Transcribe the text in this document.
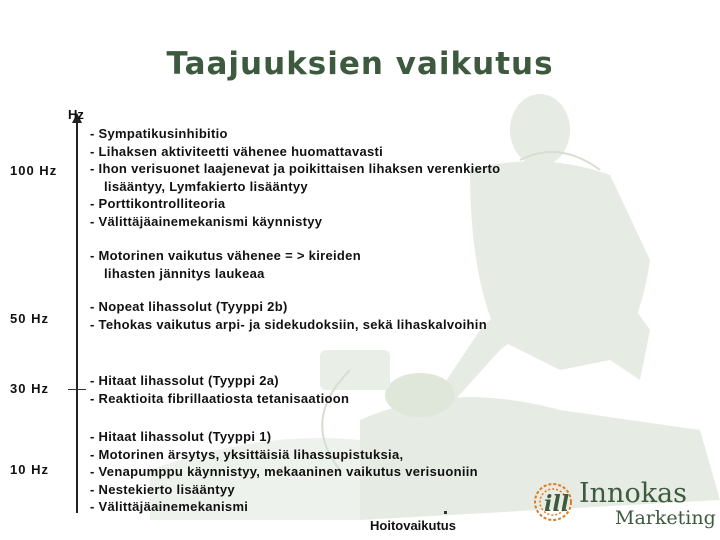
Taajuuksien vaikutus
Hz
100 Hz
50 Hz
30 Hz
10 Hz
- Sympatikusinhibitio
- Lihaksen aktiviteetti vähenee huomattavasti
- Ihon verisuonet laajenevat ja poikittaisen lihaksen verenkierto
lisääntyy, Lymfakierto lisääntyy
- Porttikontrolliteoria
- Välittäjäainemekanismi käynnistyy
- Motorinen vaikutus vähenee = > kireiden
lihasten jännitys laukeaa
- Nopeat lihassolut (Tyyppi 2b)
- Tehokas vaikutus arpi- ja sidekudoksiin, sekä lihaskalvoihin
- Hitaat lihassolut (Tyyppi 2a)
- Reaktioita fibrillaatiosta tetanisaatioon
- Hitaat lihassolut (Tyyppi 1)
- Motorinen ärsytys, yksittäisiä lihassupistuksia,
- Venapumppu käynnistyy, mekaaninen vaikutus verisuoniin
- Nestekierto lisääntyy
- Välittäjäainemekanismi
Hoitovaikutus
ill Innokas
Marketing
